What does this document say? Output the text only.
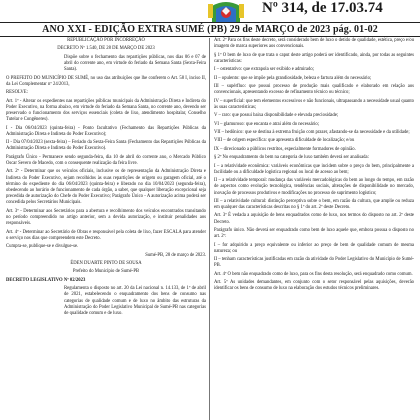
Nº 314, de 17.03.74
ANO XXI - EDIÇÃO EXTRA SUMÉ (PB) 29 de MARÇO de 2023 pág. 01-02

REPUBLICAÇÃO POR INCORREÇÃO

DECRETO Nº 1.540, DE 28 DE MARÇO DE 2023

Dispõe sobre o fechamento das repartições públicas, nos dias 06 e 07 de abril do corrente ano, em virtude do feriado da Semana Santa (Sexta-Feira Santa).

O PREFEITO DO MUNICÍPIO DE SUMÉ, no uso das atribuições que lhe conferem o Art. 58 I, inciso II, da Lei Complementar nº 24/2013,

RESOLVE:

Art. 1º - Alterar os expedientes nas repartições públicas municipais da Administração Direta e Indireta do Poder Executivo, na forma abaixo, em virtude do feriado da Semana Santa, no corrente ano, devendo ser preservado o funcionamento dos serviços essenciais (coleta de lixo, atendimento hospitalar, Conselho Tutelar e Congêneres).

I - Dia 06/04/2023 (quinta-feira) - Ponto facultativo (Fechamento das Repartições Públicas da Administração Direta e Indireta do Poder Executivo);

II - Dia 07/04/2023 (sexta-feira) – Feriado da Sexta-Feira Santa (Fechamento das Repartições Públicas da Administração Direta e Indireta do Poder Executivo).

Parágrafo Único - Permanece sendo segunda-feira, dia 10 de abril do corrente ano, o Mercado Público Oscar Severo de Macedo, com o consequente realização da feira livre.

Art. 2º - Determinar que os veículos oficiais, inclusive os de representação da Administração Direta e Indireta do Poder Executivo, sejam recolhidos às suas repartições de origem ou garagem oficial, até o término do expediente do dia 06/04/2023 (quinta-feira) e liberado no dia 10/04/2023 (segunda-feira), obedecendo ao horário de funcionamento de cada órgão, a saber, que qualquer liberação excepcional seja precedida de autorização do Chefe do Poder Executivo; Parágrafo Único - A autorização acima poderá ser concedida pelos Secretários Municipais.

Art. 3º - Determinar aos Secretários para a abertura e recolhimento dos veículos encontrados transitando no período compreendido no artigo anterior, sem a devida autorização, e instituir penalidades aos responsáveis.

Art. 4º - Determinar ao Secretário de Obras e responsável pela coleta de lixo, fazer ESCALA para atender o serviço nos dias que compreendem este Decreto.

Cumpra-se, publique-se e divulgue-se.

Sumé-PB, 28 de março de 2023.

ÉDEN DUARTE PINTO DE SOUSA

Prefeito do Município de Sumé-PB

DECRETO LEGISLATIVO Nº 02/2023

Regulamenta o disposto no art. 20 da Lei nacional n. 14.133, de 1º de abril de 2021, estabelecendo o enquadramento dos bens de consumo nas categorias de qualidade comum e de luxo no âmbito das estruturas da Administração do Poder Legislativo Municipal de Sumé-PB nas categorias de qualidade comum e de luxo.

Art. 2º Para os fins deste decreto, será considerado bem de luxo o detido de qualidade, estética, preço e/ou imagem de marca superiores aos convencionais.

§ 1º O bem de luxo de que trata o caput deste artigo poderá ser identificado, ainda, por todas as seguintes características:

I – ostentativo: que extrapola ser exibido e admirado;

II – opulento: que se impõe pela grandiosidade, beleza e fartura além do necessário;

III – supérfluo: que possui processo de produção mais qualificado e elaborado em relação aos convencionais, apresentando excesso de refinamento técnico ou técnico;

IV – superficial: que tem elementos excessivos e não funcionais, ultrapassando a necessidade usual quanto às suas características;

V – raro: que possui baixa disponibilidade e elevada preciosidade;

VI – glamuroso: que encanta e atrai além do necessário;

VII – hedônico: que se destina à extrema fruição com prazer, afastando-se da necessidade e da utilidade;

VIII – de origem específica: que apresenta dificuldade de localização; e/ou

IX – direcionado a públicos restritos, especialmente formadores de opinião.

§ 2º No enquadramento do bem na categoria de luxo também deverá ser analisada:

I – a relatividade econômica: variáveis econômicas que incidem sobre o preço do bem, principalmente a facilidade ou a dificuldade logística regional ou local de acesso ao bem;

II – a relatividade temporal: mudança das variáveis mercadológicas do bem ao longo do tempo, em razão de aspectos como evolução tecnológica, tendências sociais, alterações de disponibilidade no mercado, inovação de processos produtivos e modificações no processo de suprimento logístico;

III – a relatividade cultural: distinção perceptiva sobre o bem, em razão da cultura, que amplie ou reduza em qualquer das características descritas no § 1º do art. 2º deste Decreto.

Art. 3º É vedada a aquisição de bens enquadrados como de luxo, nos termos do disposto no art. 2º deste Decreto.

Parágrafo único. Não deverá ser enquadrado como bem de luxo aquele que, embora possua o disposto no art. 2º:

I – for adquirido a preço equivalente ou inferior ao preço de bem de qualidade comum de mesma natureza; ou

II – tenham características justificadas em razão da atividade do Poder Legislativo do Município de Sumé-PB.

Art. 4º O bem não enquadrado como de luxo, para os fins desta resolução, será enquadrado como comum.

Art. 5º As unidades demandantes, em conjunto com o setor responsável pelas aquisições, deverão identificar os bens de consumo de luxo na elaboração dos estudos técnicos preliminares.
